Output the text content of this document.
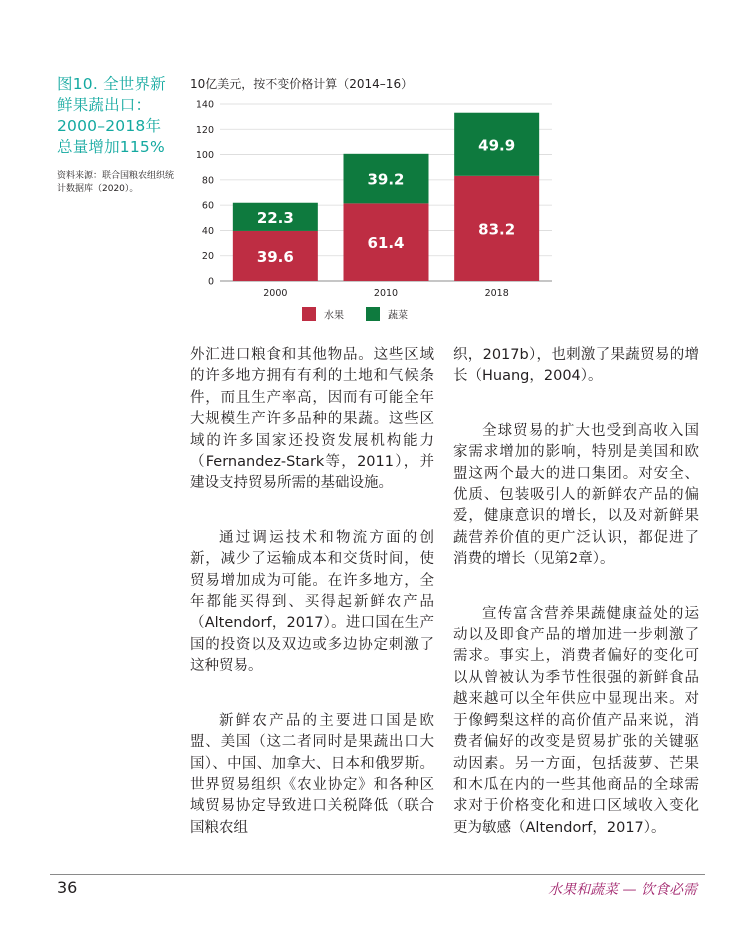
图10. 全世界新鲜果蔬出口：2000–2018年总量增加115%
资料来源：联合国粮农组织统计数据库（2020）。
10亿美元，按不变价格计算（2014–16）
0
20
40
60
80
100
120
140
39.6
22.3
2000
61.4
39.2
2010
83.2
49.9
2018
水果	蔬菜

外汇进口粮食和其他物品。这些区域的许多地方拥有有利的土地和气候条件，而且生产率高，因而有可能全年大规模生产许多品种的果蔬。这些区域的许多国家还投资发展机构能力（Fernandez-Stark等，2011），并建设支持贸易所需的基础设施。

通过调运技术和物流方面的创新，减少了运输成本和交货时间，使贸易增加成为可能。在许多地方，全年都能买得到、买得起新鲜农产品（Altendorf，2017）。进口国在生产国的投资以及双边或多边协定刺激了这种贸易。

新鲜农产品的主要进口国是欧盟、美国（这二者同时是果蔬出口大国）、中国、加拿大、日本和俄罗斯。世界贸易组织《农业协定》和各种区域贸易协定导致进口关税降低（联合国粮农组

织，2017b），也刺激了果蔬贸易的增长（Huang，2004）。

全球贸易的扩大也受到高收入国家需求增加的影响，特别是美国和欧盟这两个最大的进口集团。对安全、优质、包装吸引人的新鲜农产品的偏爱，健康意识的增长，以及对新鲜果蔬营养价值的更广泛认识，都促进了消费的增长（见第2章）。

宣传富含营养果蔬健康益处的运动以及即食产品的增加进一步刺激了需求。事实上，消费者偏好的变化可以从曾被认为季节性很强的新鲜食品越来越可以全年供应中显现出来。对于像鳄梨这样的高价值产品来说，消费者偏好的改变是贸易扩张的关键驱动因素。另一方面，包括菠萝、芒果和木瓜在内的一些其他商品的全球需求对于价格变化和进口区域收入变化更为敏感（Altendorf，2017）。

36	水果和蔬菜 — 饮食必需
